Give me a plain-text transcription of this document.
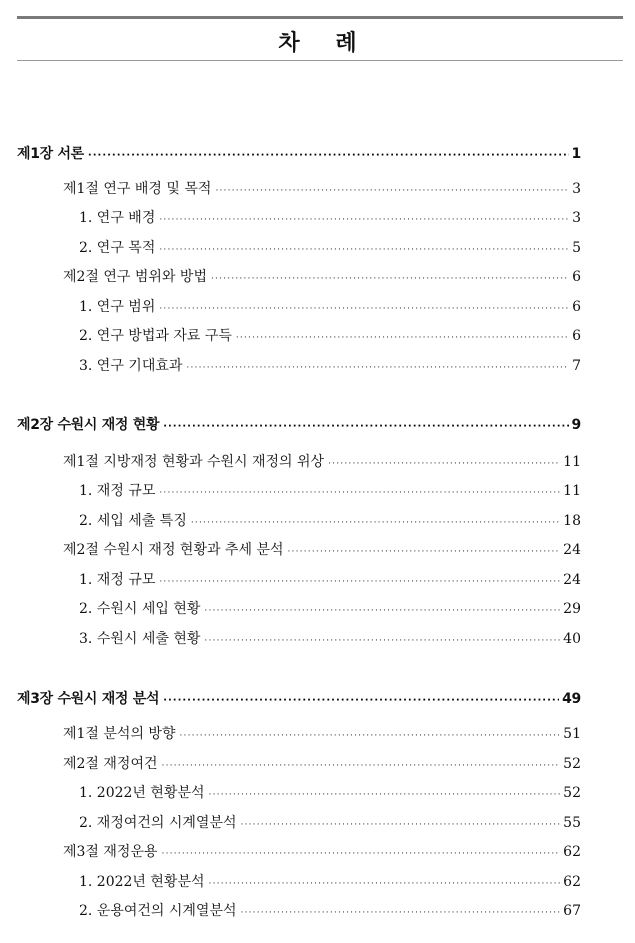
차 례
제1장 서론 ·····	1
제1절 연구 배경 및 목적 ·····	3
1. 연구 배경 ·····	3
2. 연구 목적 ·····	5
제2절 연구 범위와 방법 ·····	6
1. 연구 범위 ·····	6
2. 연구 방법과 자료 구득 ·····	6
3. 연구 기대효과 ·····	7
제2장 수원시 재정 현황 ·····	9
제1절 지방재정 현황과 수원시 재정의 위상 ·····	11
1. 재정 규모 ·····	11
2. 세입 세출 특징 ·····	18
제2절 수원시 재정 현황과 추세 분석 ·····	24
1. 재정 규모 ·····	24
2. 수원시 세입 현황 ·····	29
3. 수원시 세출 현황 ·····	40
제3장 수원시 재정 분석 ·····	49
제1절 분석의 방향 ·····	51
제2절 재정여건 ·····	52
1. 2022년 현황분석 ·····	52
2. 재정여건의 시계열분석 ·····	55
제3절 재정운용 ·····	62
1. 2022년 현황분석 ·····	62
2. 운용여건의 시계열분석 ·····	67
